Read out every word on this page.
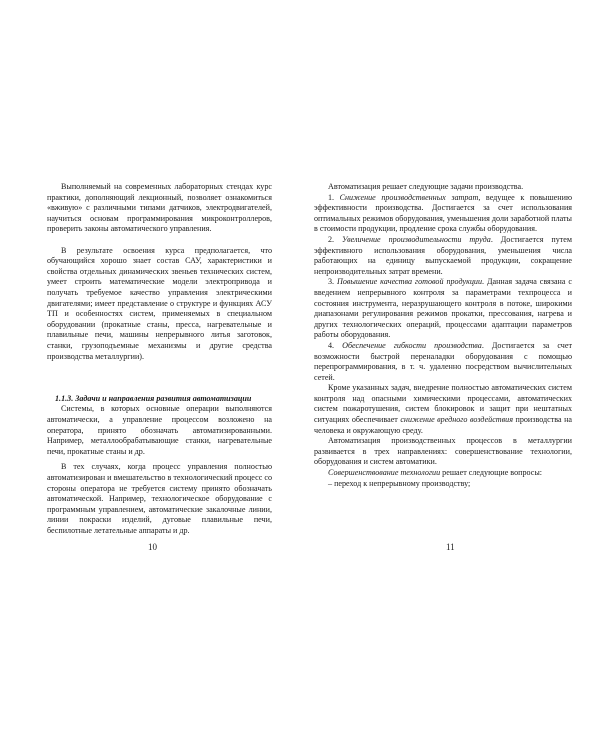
Выполняемый на современных лабораторных стендах курс практики, дополняющий лекционный, позволяет ознакомиться «вживую» с различными типами датчиков, электродвигателей, научиться основам программирования микроконтроллеров, проверить законы автоматического управления.

В результате освоения курса предполагается, что обучающийся хорошо знает состав САУ, характеристики и свойства отдельных динамических звеньев технических систем, умеет строить математические модели электропривода и получать требуемое качество управления электрическими двигателями; имеет представление о структуре и функциях АСУ ТП и особенностях систем, применяемых в специальном оборудовании (прокатные станы, пресса, нагревательные и плавильные печи, машины непрерывного литья заготовок, станки, грузоподъемные механизмы и другие средства производства металлургии).

1.1.3. Задачи и направления развития автоматизации

Системы, в которых основные операции выполняются автоматически, а управление процессом возложено на оператора, принято обозначать автоматизированными. Например, металлообрабатывающие станки, нагревательные печи, прокатные станы и др.

В тех случаях, когда процесс управления полностью автоматизирован и вмешательство в технологический процесс со стороны оператора не требуется систему принято обозначать автоматической. Например, технологическое оборудование с программным управлением, автоматические закалочные линии, линии покраски изделий, дуговые плавильные печи, беспилотные летательные аппараты и др.

10

Автоматизация решает следующие задачи производства.

1. Снижение производственных затрат, ведущее к повышению эффективности производства. Достигается за счет использования оптимальных режимов оборудования, уменьшения доли заработной платы в стоимости продукции, продление срока службы оборудования.

2. Увеличение производительности труда. Достигается путем эффективного использования оборудования, уменьшения числа работающих на единицу выпускаемой продукции, сокращение непроизводительных затрат времени.

3. Повышение качества готовой продукции. Данная задача связана с введением непрерывного контроля за параметрами техпроцесса и состояния инструмента, неразрушающего контроля в потоке, широкими диапазонами регулирования режимов прокатки, прессования, нагрева и других технологических операций, процессами адаптации параметров работы оборудования.

4. Обеспечение гибкости производства. Достигается за счет возможности быстрой переналадки оборудования с помощью перепрограммирования, в т. ч. удаленно посредством вычислительных сетей.

Кроме указанных задач, внедрение полностью автоматических систем контроля над опасными химическими процессами, автоматических систем пожаротушения, систем блокировок и защит при нештатных ситуациях обеспечивает снижение вредного воздействия производства на человека и окружающую среду.

Автоматизация производственных процессов в металлургии развивается в трех направлениях: совершенствование технологии, оборудования и систем автоматики.

Совершенствование технологии решает следующие вопросы:

– переход к непрерывному производству;

11
